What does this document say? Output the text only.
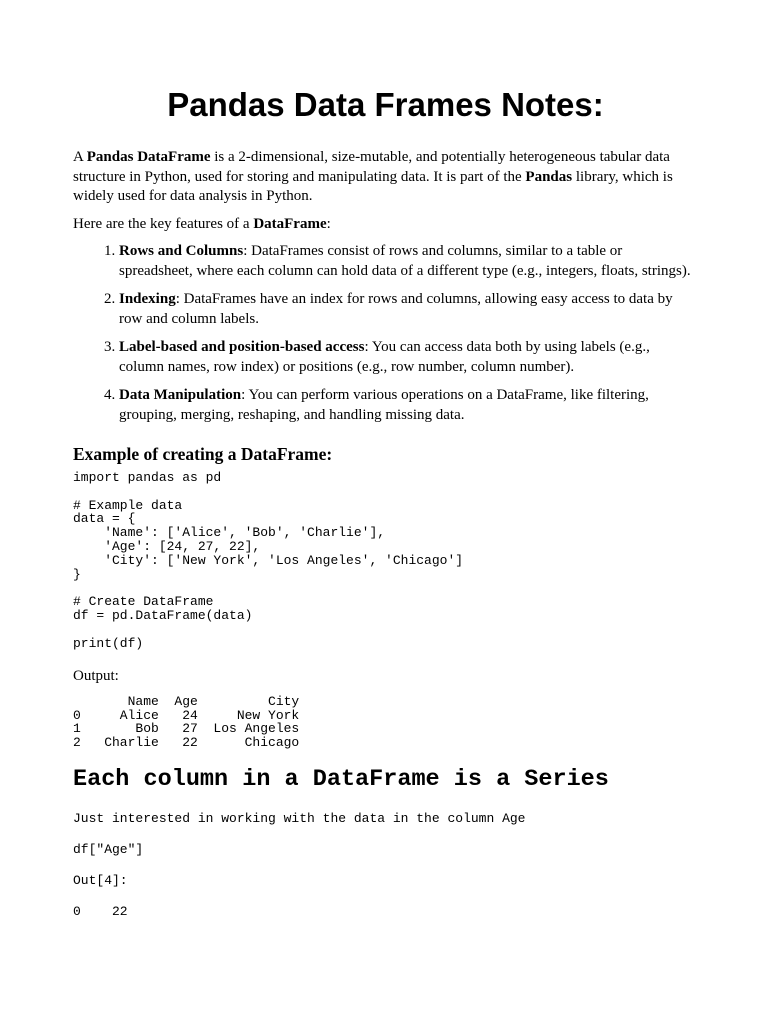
Pandas Data Frames Notes:

A Pandas DataFrame is a 2-dimensional, size-mutable, and potentially heterogeneous tabular data structure in Python, used for storing and manipulating data. It is part of the Pandas library, which is widely used for data analysis in Python.

Here are the key features of a DataFrame:

1. Rows and Columns: DataFrames consist of rows and columns, similar to a table or spreadsheet, where each column can hold data of a different type (e.g., integers, floats, strings).
2. Indexing: DataFrames have an index for rows and columns, allowing easy access to data by row and column labels.
3. Label-based and position-based access: You can access data both by using labels (e.g., column names, row index) or positions (e.g., row number, column number).
4. Data Manipulation: You can perform various operations on a DataFrame, like filtering, grouping, merging, reshaping, and handling missing data.
Example of creating a DataFrame:
import pandas as pd

# Example data
data = {
'Name': ['Alice', 'Bob', 'Charlie'],
'Age': [24, 27, 22],
'City': ['New York', 'Los Angeles', 'Chicago']
}

# Create DataFrame
df = pd.DataFrame(data)

print(df)

Output:

Name  Age         City
0     Alice   24     New York
1       Bob   27  Los Angeles
2   Charlie   22      Chicago
Each column in a DataFrame is a Series

Just interested in working with the data in the column Age

df["Age"]

Out[4]:

0    22
